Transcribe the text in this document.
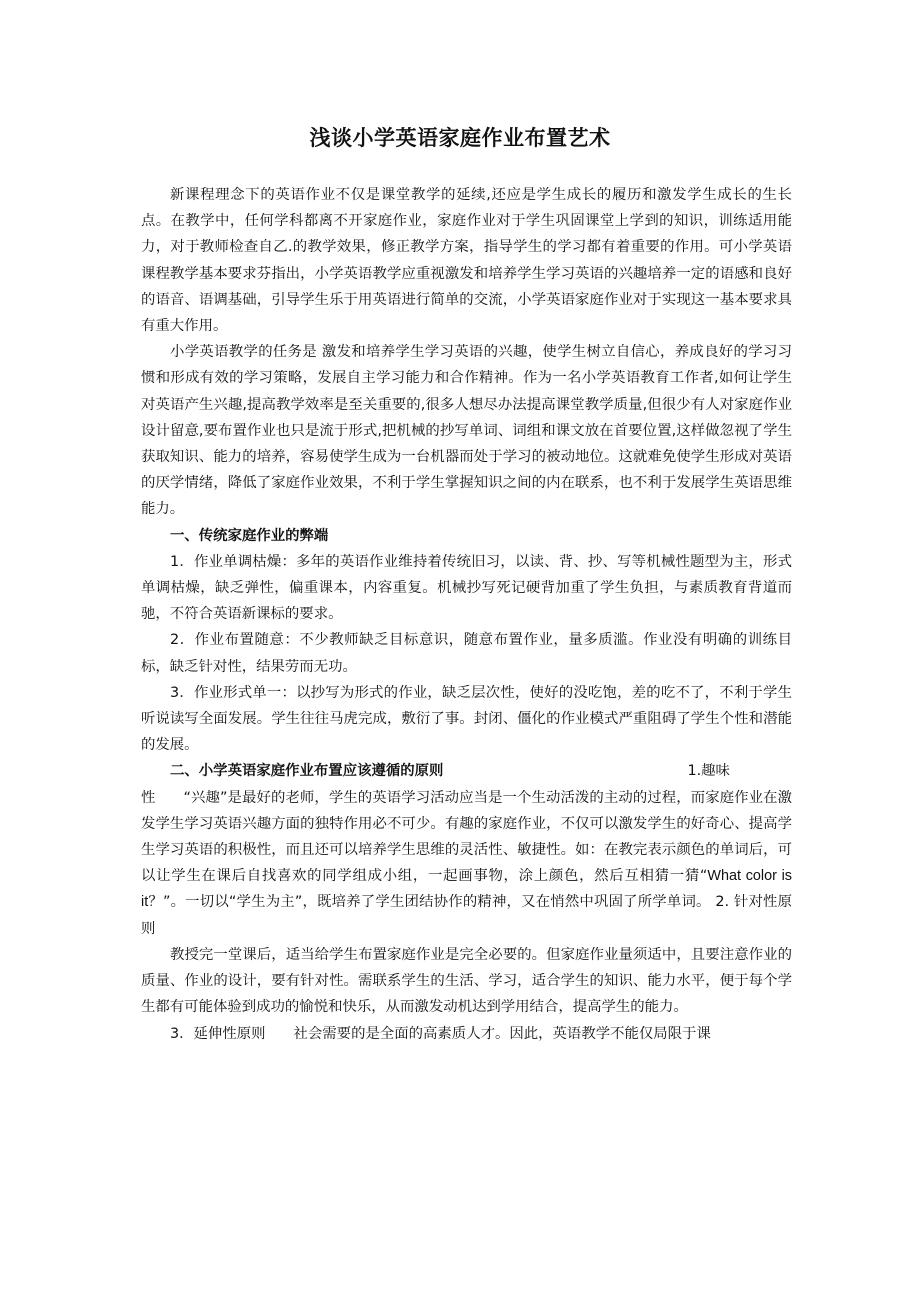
浅谈小学英语家庭作业布置艺术

新课程理念下的英语作业不仅是课堂教学的延续,还应是学生成长的履历和激发学生成长的生长点。在教学中，任何学科都离不开家庭作业，家庭作业对于学生巩固课堂上学到的知识，训练适用能力，对于教师检查自乙.的教学效果，修正教学方案，指导学生的学习都有着重要的作用。可小学英语课程教学基本要求芬指出，小学英语教学应重视激发和培养学生学习英语的兴趣培养一定的语感和良好的语音、语调基础，引导学生乐于用英语进行简单的交流，小学英语家庭作业对于实现这一基本要求具有重大作用。

小学英语教学的任务是 激发和培养学生学习英语的兴趣，使学生树立自信心，养成良好的学习习惯和形成有效的学习策略，发展自主学习能力和合作精神。作为一名小学英语教育工作者,如何让学生对英语产生兴趣,提高教学效率是至关重要的,很多人想尽办法提高课堂教学质量,但很少有人对家庭作业设计留意,要布置作业也只是流于形式,把机械的抄写单词、词组和课文放在首要位置,这样做忽视了学生获取知识、能力的培养，容易使学生成为一台机器而处于学习的被动地位。这就难免使学生形成对英语的厌学情绪，降低了家庭作业效果，不利于学生掌握知识之间的内在联系，也不利于发展学生英语思维能力。

一、传统家庭作业的弊端

1．作业单调枯燥：多年的英语作业维持着传统旧习，以读、背、抄、写等机械性题型为主，形式单调枯燥，缺乏弹性，偏重课本，内容重复。机械抄写死记硬背加重了学生负担，与素质教育背道而驰，不符合英语新课标的要求。

2．作业布置随意：不少教师缺乏目标意识，随意布置作业，量多质滥。作业没有明确的训练目标，缺乏针对性，结果劳而无功。

3．作业形式单一：以抄写为形式的作业，缺乏层次性，使好的没吃饱，差的吃不了，不利于学生听说读写全面发展。学生往往马虎完成，敷衍了事。封闭、僵化的作业模式严重阻碍了学生个性和潜能的发展。

二、小学英语家庭作业布置应该遵循的原则	1.趣味

性 “兴趣”是最好的老师，学生的英语学习活动应当是一个生动活泼的主动的过程，而家庭作业在激发学生学习英语兴趣方面的独特作用必不可少。有趣的家庭作业，不仅可以激发学生的好奇心、提高学生学习英语的积极性，而且还可以培养学生思维的灵活性、敏捷性。如：在教完表示颜色的单词后，可以让学生在课后自找喜欢的同学组成小组，一起画事物，涂上颜色，然后互相猜一猜“What color is it？”。一切以“学生为主”，既培养了学生团结协作的精神，又在悄然中巩固了所学单词。 2. 针对性原则

教授完一堂课后，适当给学生布置家庭作业是完全必要的。但家庭作业量须适中，且要注意作业的质量、作业的设计，要有针对性。需联系学生的生活、学习，适合学生的知识、能力水平，便于每个学生都有可能体验到成功的愉悦和快乐，从而激发动机达到学用结合，提高学生的能力。

3．延伸性原则 社会需要的是全面的高素质人才。因此，英语教学不能仅局限于课
